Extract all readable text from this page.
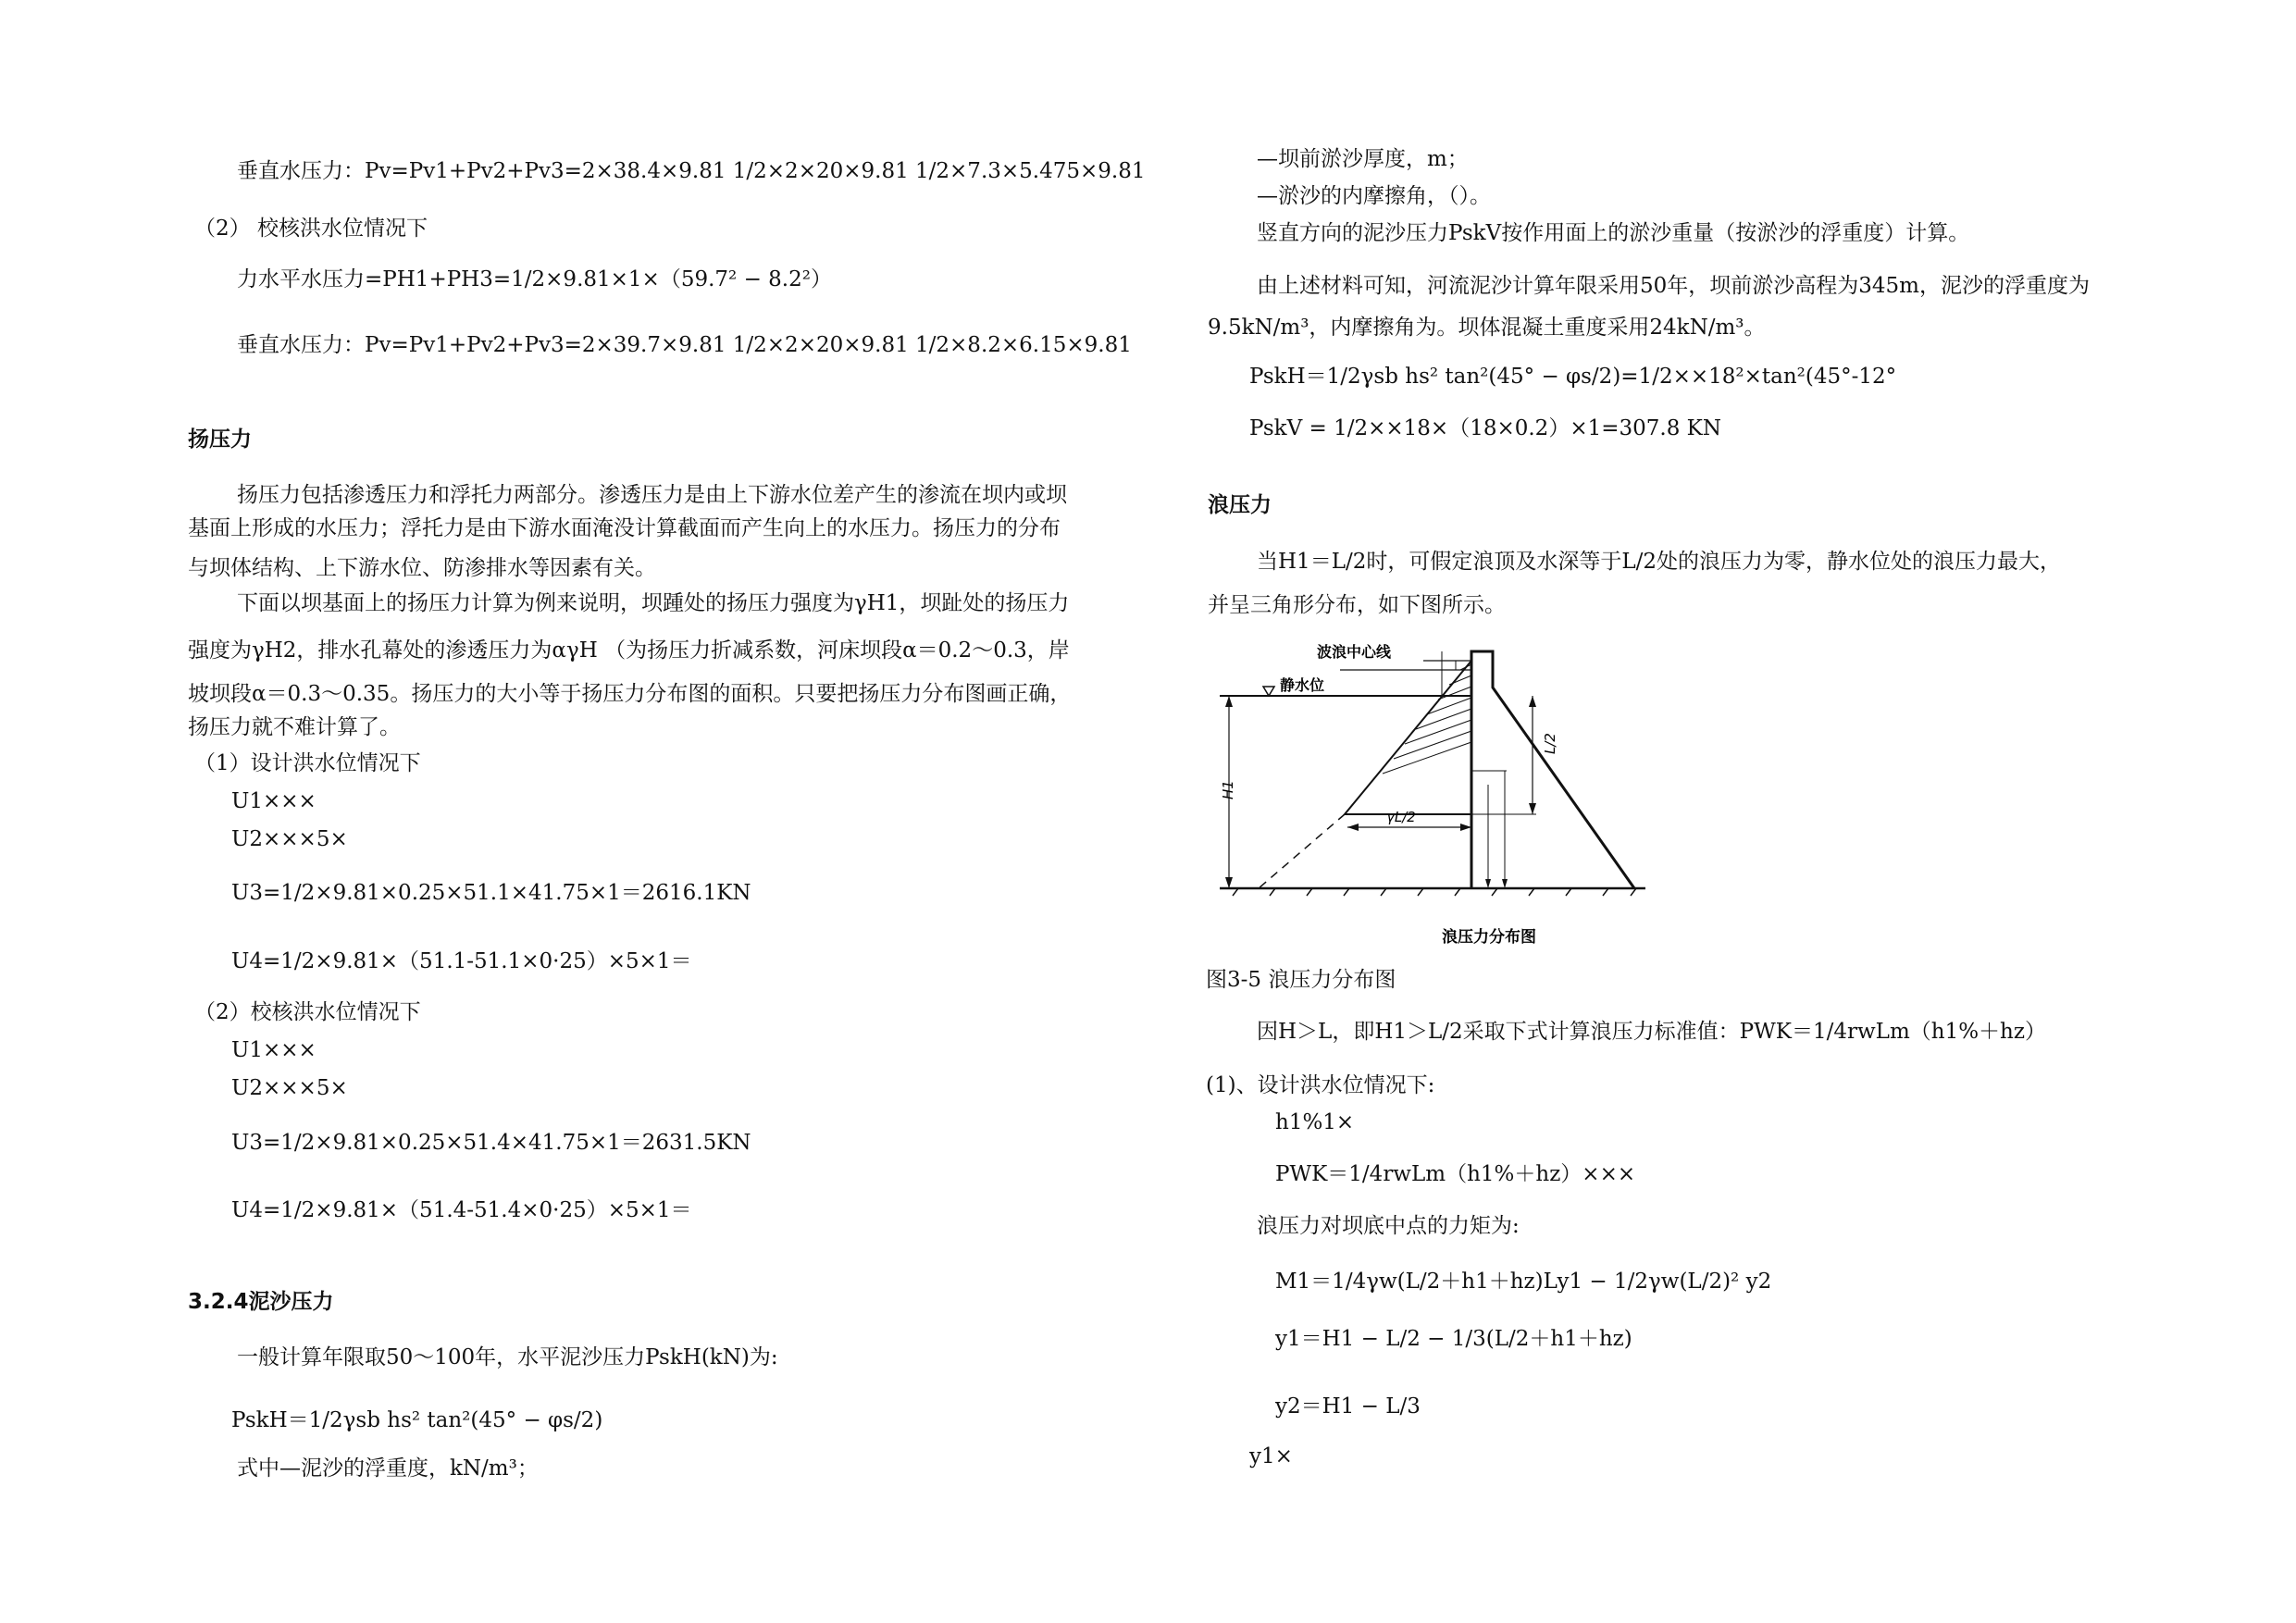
垂直水压力：Pv=Pv1+Pv2+Pv3=2×38.4×9.81 1/2×2×20×9.81 1/2×7.3×5.475×9.81
（2） 校核洪水位情况下
力水平水压力=PH1+PH3=1/2×9.81×1×（59.7² − 8.2²）
垂直水压力：Pv=Pv1+Pv2+Pv3=2×39.7×9.81 1/2×2×20×9.81 1/2×8.2×6.15×9.81
扬压力
扬压力包括渗透压力和浮托力两部分。渗透压力是由上下游水位差产生的渗流在坝内或坝
基面上形成的水压力；浮托力是由下游水面淹没计算截面而产生向上的水压力。扬压力的分布
与坝体结构、上下游水位、防渗排水等因素有关。
下面以坝基面上的扬压力计算为例来说明，坝踵处的扬压力强度为γH1，坝趾处的扬压力
强度为γH2，排水孔幕处的渗透压力为αγH （为扬压力折减系数，河床坝段α＝0.2～0.3，岸
坡坝段α＝0.3～0.35。扬压力的大小等于扬压力分布图的面积。只要把扬压力分布图画正确，
扬压力就不难计算了。
（1）设计洪水位情况下
U1×××
U2×××5×
U3=1/2×9.81×0.25×51.1×41.75×1＝2616.1KN
U4=1/2×9.81×（51.1-51.1×0·25）×5×1＝
（2）校核洪水位情况下
U1×××
U2×××5×
U3=1/2×9.81×0.25×51.4×41.75×1＝2631.5KN
U4=1/2×9.81×（51.4-51.4×0·25）×5×1＝
3.2.4泥沙压力
一般计算年限取50～100年，水平泥沙压力PskH(kN)为:
PskH＝1/2γsb hs² tan²(45° − φs/2)
式中—泥沙的浮重度，kN/m³；
—坝前淤沙厚度，m；
—淤沙的内摩擦角，（）。
竖直方向的泥沙压力PskV按作用面上的淤沙重量（按淤沙的浮重度）计算。
由上述材料可知，河流泥沙计算年限采用50年，坝前淤沙高程为345m，泥沙的浮重度为
9.5kN/m³，内摩擦角为。坝体混凝土重度采用24kN/m³。
PskH＝1/2γsb hs² tan²(45° − φs/2)=1/2××18²×tan²(45°-12°
PskV = 1/2××18×（18×0.2）×1=307.8 KN
浪压力
当H1＝L/2时，可假定浪顶及水深等于L/2处的浪压力为零，静水位处的浪压力最大，
并呈三角形分布，如下图所示。
波浪中心线
静水位
H1
L/2
γL/2
浪压力分布图
图3-5 浪压力分布图
因H＞L，即H1＞L/2采取下式计算浪压力标准值：PWK＝1/4rwLm（h1%＋hz）
(1)、设计洪水位情况下:
h1%1×
PWK＝1/4rwLm（h1%＋hz）×××
浪压力对坝底中点的力矩为:
M1＝1/4γw(L/2＋h1＋hz)Ly1 − 1/2γw(L/2)² y2
y1＝H1 − L/2 − 1/3(L/2＋h1＋hz)
y2＝H1 − L/3
y1×
